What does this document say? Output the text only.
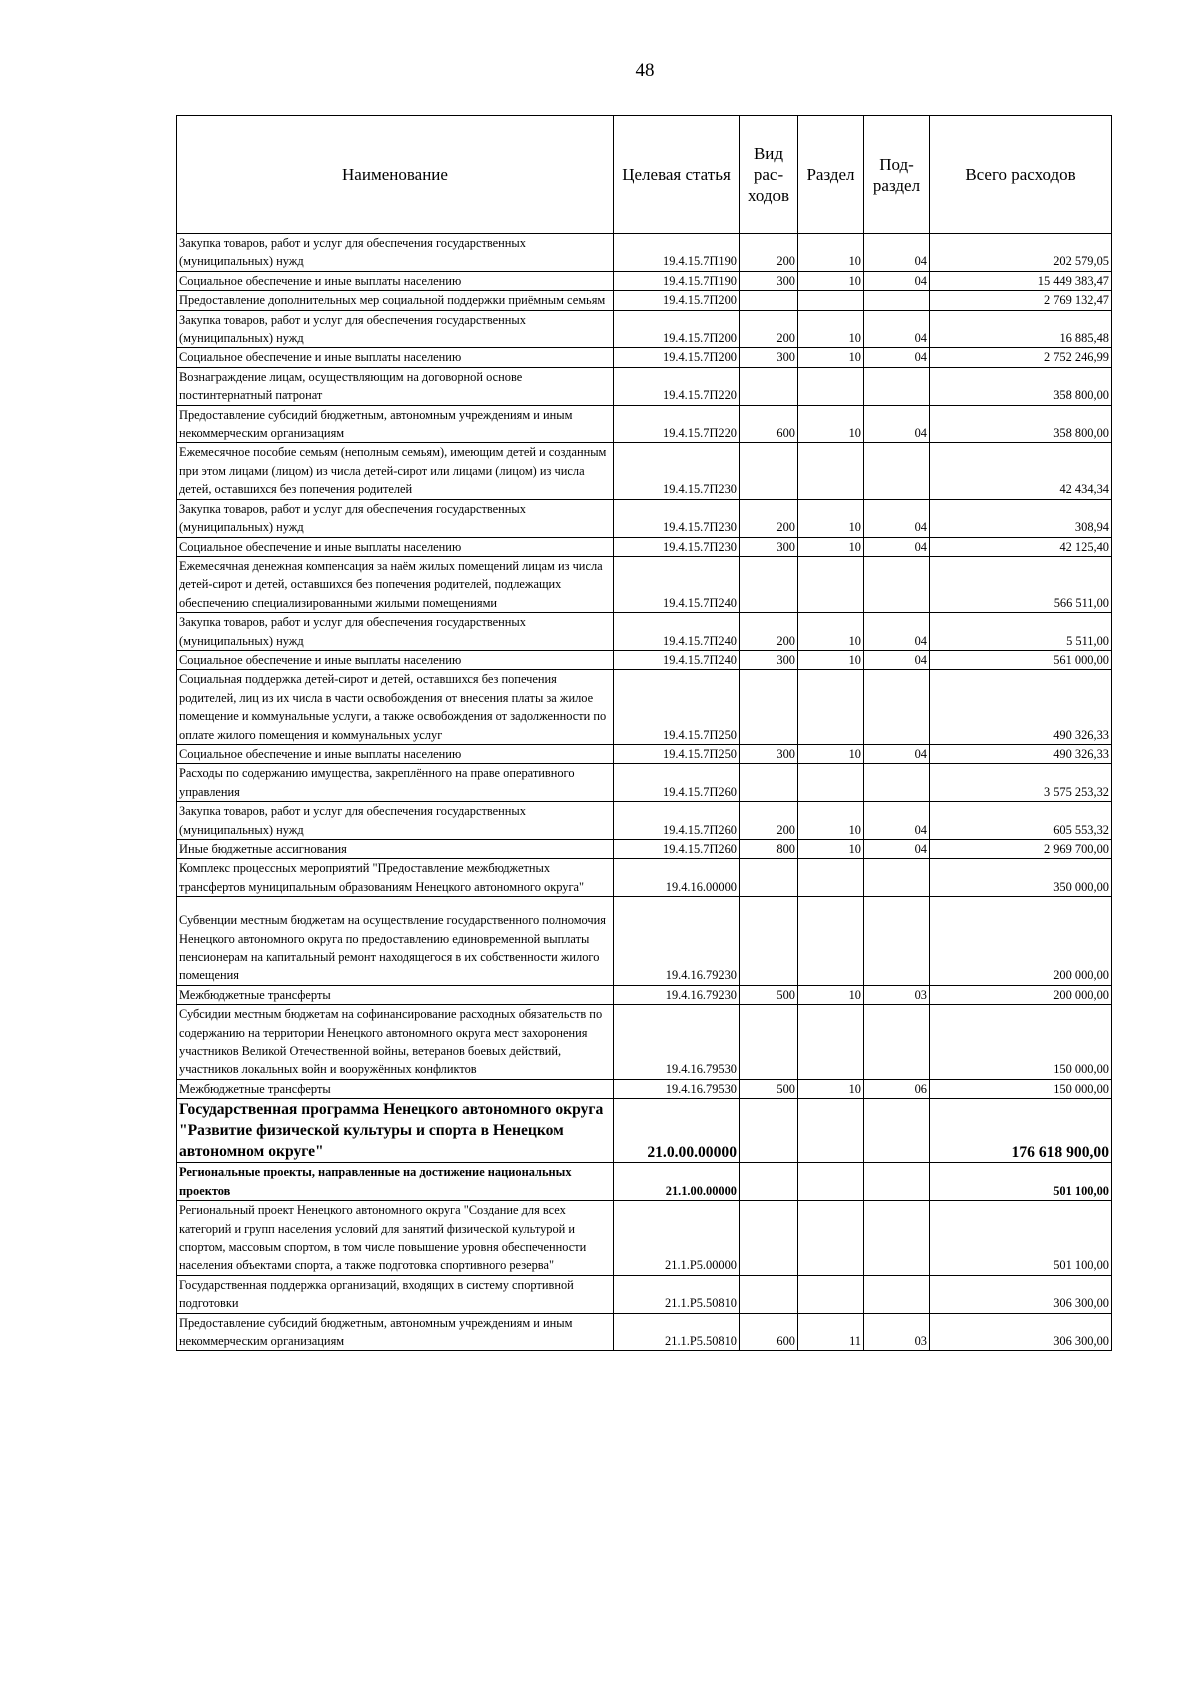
48
Наименование	Целевая статья	Вид рас-ходов	Раздел	Под-раздел	Всего расходов
Закупка товаров, работ и услуг для обеспечения государственных (муниципальных) нужд	19.4.15.7П190	200	10	04	202 579,05
Социальное обеспечение и иные выплаты населению	19.4.15.7П190	300	10	04	15 449 383,47
Предоставление дополнительных мер социальной поддержки приёмным семьям	19.4.15.7П200				2 769 132,47
Закупка товаров, работ и услуг для обеспечения государственных (муниципальных) нужд	19.4.15.7П200	200	10	04	16 885,48
Социальное обеспечение и иные выплаты населению	19.4.15.7П200	300	10	04	2 752 246,99
Вознаграждение лицам, осуществляющим на договорной основе постинтернатный патронат	19.4.15.7П220				358 800,00
Предоставление субсидий бюджетным, автономным учреждениям и иным некоммерческим организациям	19.4.15.7П220	600	10	04	358 800,00
Ежемесячное пособие семьям (неполным семьям), имеющим детей и созданным при этом лицами (лицом) из числа детей-сирот или лицами (лицом) из числа детей, оставшихся без попечения родителей	19.4.15.7П230				42 434,34
Закупка товаров, работ и услуг для обеспечения государственных (муниципальных) нужд	19.4.15.7П230	200	10	04	308,94
Социальное обеспечение и иные выплаты населению	19.4.15.7П230	300	10	04	42 125,40
Ежемесячная денежная компенсация за наём жилых помещений лицам из числа детей-сирот и детей, оставшихся без попечения родителей, подлежащих обеспечению специализированными жилыми помещениями	19.4.15.7П240				566 511,00
Закупка товаров, работ и услуг для обеспечения государственных (муниципальных) нужд	19.4.15.7П240	200	10	04	5 511,00
Социальное обеспечение и иные выплаты населению	19.4.15.7П240	300	10	04	561 000,00
Социальная поддержка детей-сирот и детей, оставшихся без попечения родителей, лиц из их числа в части освобождения от внесения платы за жилое помещение и коммунальные услуги, а также освобождения от задолженности по оплате жилого помещения и коммунальных услуг	19.4.15.7П250				490 326,33
Социальное обеспечение и иные выплаты населению	19.4.15.7П250	300	10	04	490 326,33
Расходы по содержанию имущества, закреплённого на праве оперативного управления	19.4.15.7П260				3 575 253,32
Закупка товаров, работ и услуг для обеспечения государственных (муниципальных) нужд	19.4.15.7П260	200	10	04	605 553,32
Иные бюджетные ассигнования	19.4.15.7П260	800	10	04	2 969 700,00
Комплекс процессных мероприятий "Предоставление межбюджетных трансфертов муниципальным образованиям Ненецкого автономного округа"	19.4.16.00000				350 000,00
Субвенции местным бюджетам на осуществление государственного полномочия Ненецкого автономного округа по предоставлению единовременной выплаты пенсионерам на капитальный ремонт находящегося в их собственности жилого помещения	19.4.16.79230				200 000,00
Межбюджетные трансферты	19.4.16.79230	500	10	03	200 000,00
Субсидии местным бюджетам на софинансирование расходных обязательств по содержанию на территории Ненецкого автономного округа мест захоронения участников Великой Отечественной войны, ветеранов боевых действий, участников локальных войн и вооружённых конфликтов	19.4.16.79530				150 000,00
Межбюджетные трансферты	19.4.16.79530	500	10	06	150 000,00
Государственная программа Ненецкого автономного округа "Развитие физической культуры и спорта в Ненецком автономном округе"	21.0.00.00000				176 618 900,00
Региональные проекты, направленные на достижение национальных проектов	21.1.00.00000				501 100,00
Региональный проект Ненецкого автономного округа "Создание для всех категорий и групп населения условий для занятий физической культурой и спортом, массовым спортом, в том числе повышение уровня обеспеченности населения объектами спорта, а также подготовка спортивного резерва"	21.1.P5.00000				501 100,00
Государственная поддержка организаций, входящих в систему спортивной подготовки	21.1.P5.50810				306 300,00
Предоставление субсидий бюджетным, автономным учреждениям и иным некоммерческим организациям	21.1.P5.50810	600	11	03	306 300,00
